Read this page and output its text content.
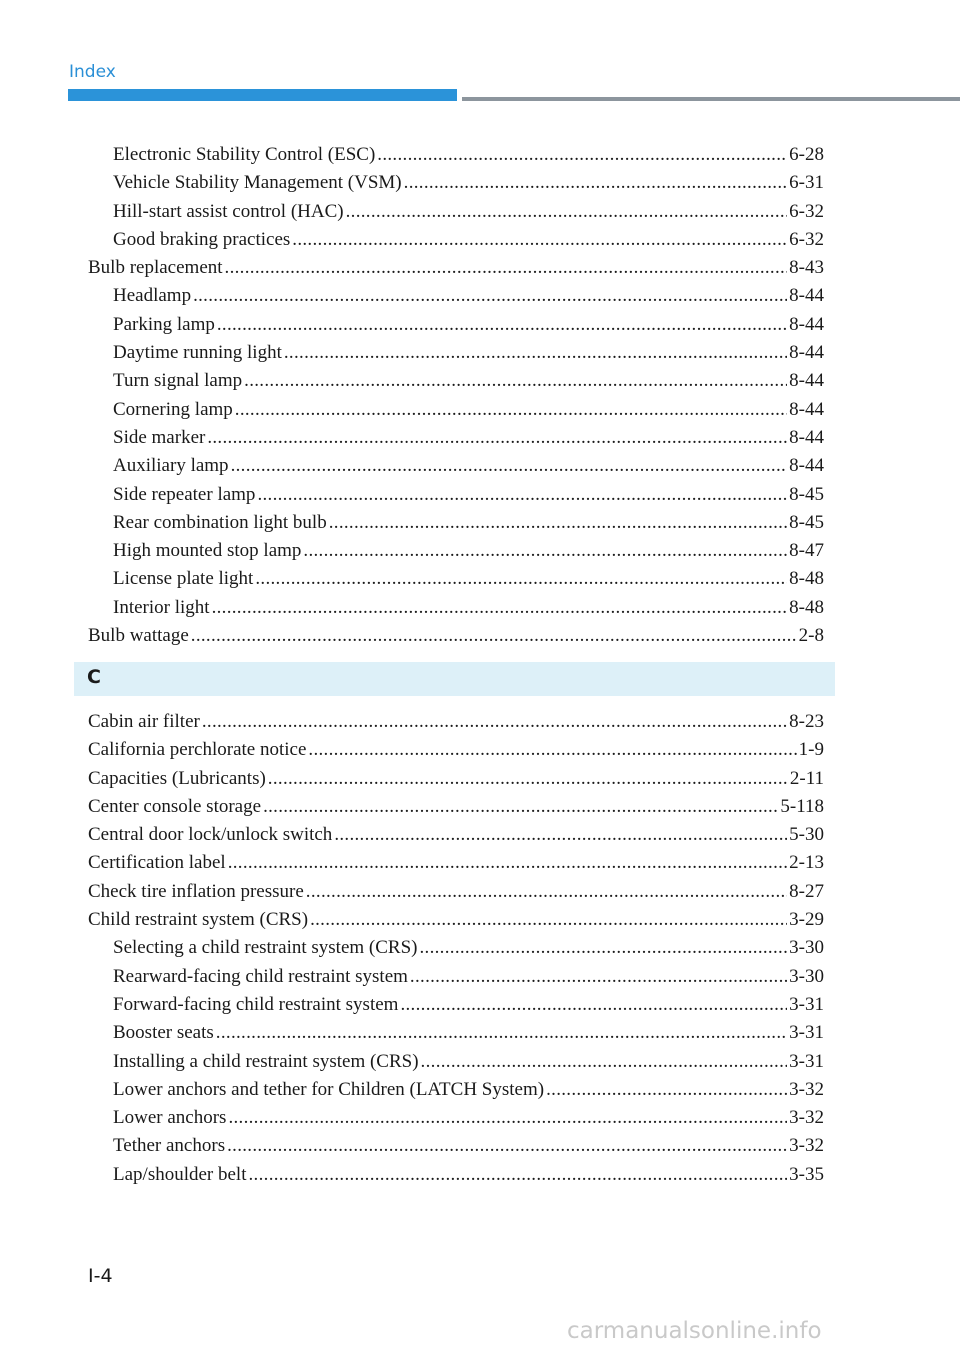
Index
Electronic Stability Control (ESC) .....	6-28
Vehicle Stability Management (VSM) .....	6-31
Hill-start assist control (HAC) .....	6-32
Good braking practices .....	6-32
Bulb replacement .....	8-43
Headlamp .....	8-44
Parking lamp .....	8-44
Daytime running light .....	8-44
Turn signal lamp .....	8-44
Cornering lamp .....	8-44
Side marker .....	8-44
Auxiliary lamp .....	8-44
Side repeater lamp .....	8-45
Rear combination light bulb .....	8-45
High mounted stop lamp .....	8-47
License plate light .....	8-48
Interior light .....	8-48
Bulb wattage .....	2-8
C
Cabin air filter .....	8-23
California perchlorate notice .....	1-9
Capacities (Lubricants) .....	2-11
Center console storage .....	5-118
Central door lock/unlock switch .....	5-30
Certification label .....	2-13
Check tire inflation pressure .....	8-27
Child restraint system (CRS) .....	3-29
Selecting a child restraint system (CRS) .....	3-30
Rearward-facing child restraint system .....	3-30
Forward-facing child restraint system .....	3-31
Booster seats .....	3-31
Installing a child restraint system (CRS) .....	3-31
Lower anchors and tether for Children (LATCH System) .....	3-32
Lower anchors .....	3-32
Tether anchors .....	3-32
Lap/shoulder belt .....	3-35
I-4
carmanualsonline.info
